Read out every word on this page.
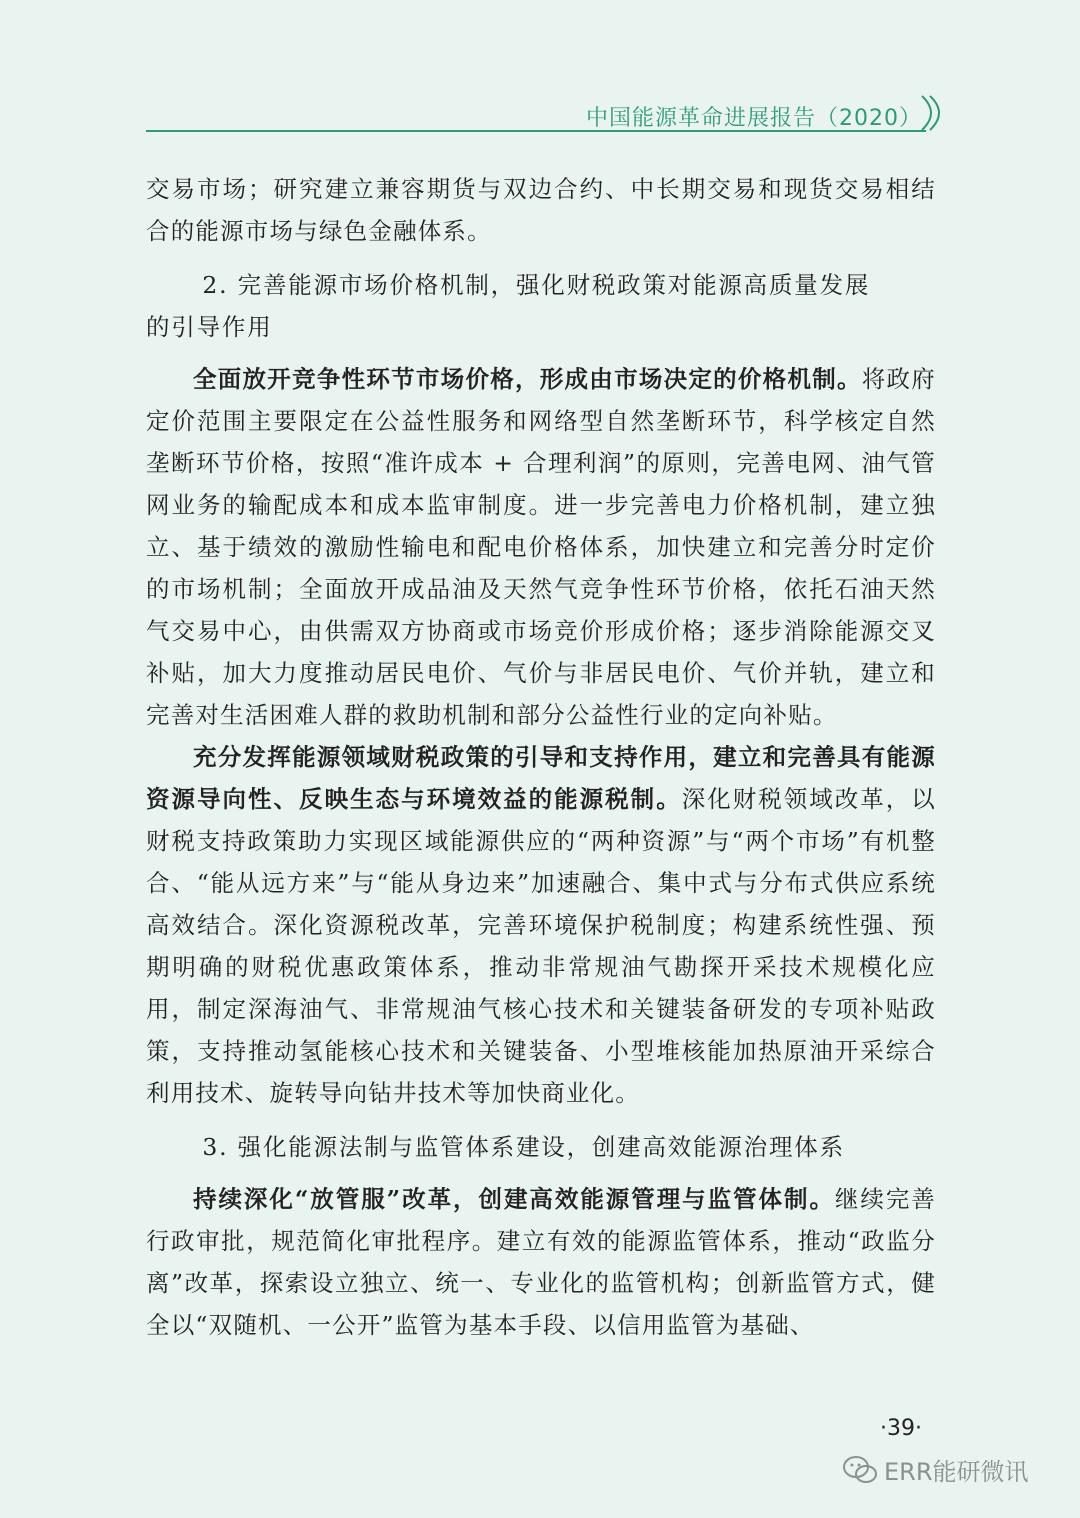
中国能源革命进展报告（2020）

交易市场；研究建立兼容期货与双边合约、中长期交易和现货交易相结合的能源市场与绿色金融体系。

2. 完善能源市场价格机制，强化财税政策对能源高质量发展
的引导作用

全面放开竞争性环节市场价格，形成由市场决定的价格机制。将政府定价范围主要限定在公益性服务和网络型自然垄断环节，科学核定自然垄断环节价格，按照“准许成本 + 合理利润”的原则，完善电网、油气管网业务的输配成本和成本监审制度。进一步完善电力价格机制，建立独立、基于绩效的激励性输电和配电价格体系，加快建立和完善分时定价的市场机制；全面放开成品油及天然气竞争性环节价格，依托石油天然气交易中心，由供需双方协商或市场竞价形成价格；逐步消除能源交叉补贴，加大力度推动居民电价、气价与非居民电价、气价并轨，建立和完善对生活困难人群的救助机制和部分公益性行业的定向补贴。

充分发挥能源领域财税政策的引导和支持作用，建立和完善具有能源资源导向性、反映生态与环境效益的能源税制。深化财税领域改革，以财税支持政策助力实现区域能源供应的“两种资源”与“两个市场”有机整合、“能从远方来”与“能从身边来”加速融合、集中式与分布式供应系统高效结合。深化资源税改革，完善环境保护税制度；构建系统性强、预期明确的财税优惠政策体系，推动非常规油气勘探开采技术规模化应用，制定深海油气、非常规油气核心技术和关键装备研发的专项补贴政策，支持推动氢能核心技术和关键装备、小型堆核能加热原油开采综合利用技术、旋转导向钻井技术等加快商业化。

3. 强化能源法制与监管体系建设，创建高效能源治理体系

持续深化“放管服”改革，创建高效能源管理与监管体制。继续完善行政审批，规范简化审批程序。建立有效的能源监管体系，推动“政监分离”改革，探索设立独立、统一、专业化的监管机构；创新监管方式，健全以“双随机、一公开”监管为基本手段、以信用监管为基础、

·39·
ERR能研微讯
